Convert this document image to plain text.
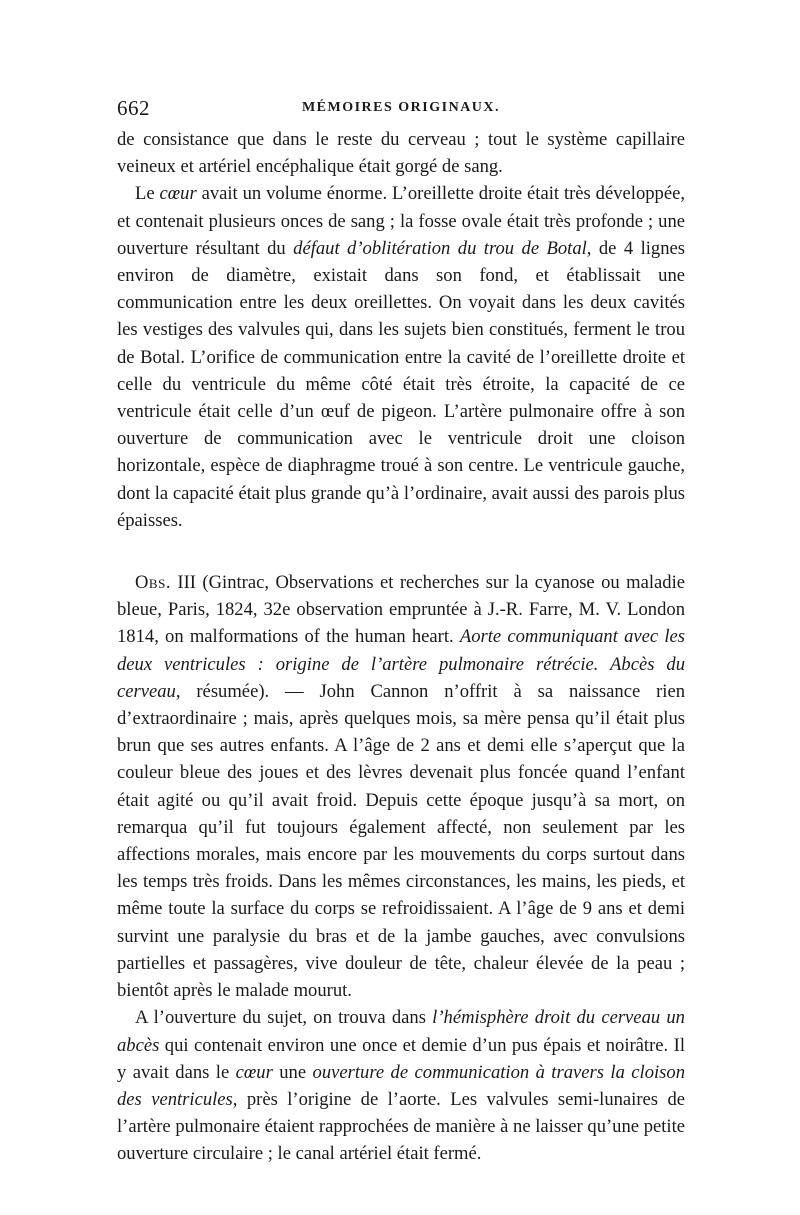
662	MÉMOIRES ORIGINAUX.

de consistance que dans le reste du cerveau ; tout le système capillaire veineux et artériel encéphalique était gorgé de sang.

Le cœur avait un volume énorme. L’oreillette droite était très développée, et contenait plusieurs onces de sang ; la fosse ovale était très profonde ; une ouverture résultant du défaut d’oblitération du trou de Botal, de 4 lignes environ de diamètre, existait dans son fond, et établissait une communication entre les deux oreillettes. On voyait dans les deux cavités les vestiges des valvules qui, dans les sujets bien constitués, ferment le trou de Botal. L’orifice de communication entre la cavité de l’oreillette droite et celle du ventricule du même côté était très étroite, la capacité de ce ventricule était celle d’un œuf de pigeon. L’artère pulmonaire offre à son ouverture de communication avec le ventricule droit une cloison horizontale, espèce de diaphragme troué à son centre. Le ventricule gauche, dont la capacité était plus grande qu’à l’ordinaire, avait aussi des parois plus épaisses.

Obs. III (Gintrac, Observations et recherches sur la cyanose ou maladie bleue, Paris, 1824, 32e observation empruntée à J.-R. Farre, M. V. London 1814, on malformations of the human heart. Aorte communiquant avec les deux ventricules : origine de l’artère pulmonaire rétrécie. Abcès du cerveau, résumée). — John Cannon n’offrit à sa naissance rien d’extraordinaire ; mais, après quelques mois, sa mère pensa qu’il était plus brun que ses autres enfants. A l’âge de 2 ans et demi elle s’aperçut que la couleur bleue des joues et des lèvres devenait plus foncée quand l’enfant était agité ou qu’il avait froid. Depuis cette époque jusqu’à sa mort, on remarqua qu’il fut toujours également affecté, non seulement par les affections morales, mais encore par les mouvements du corps surtout dans les temps très froids. Dans les mêmes circonstances, les mains, les pieds, et même toute la surface du corps se refroidissaient. A l’âge de 9 ans et demi survint une paralysie du bras et de la jambe gauches, avec convulsions partielles et passagères, vive douleur de tête, chaleur élevée de la peau ; bientôt après le malade mourut.

A l’ouverture du sujet, on trouva dans l’hémisphère droit du cerveau un abcès qui contenait environ une once et demie d’un pus épais et noirâtre. Il y avait dans le cœur une ouverture de communication à travers la cloison des ventricules, près l’origine de l’aorte. Les valvules semi-lunaires de l’artère pulmonaire étaient rapprochées de manière à ne laisser qu’une petite ouverture circulaire ; le canal artériel était fermé.
